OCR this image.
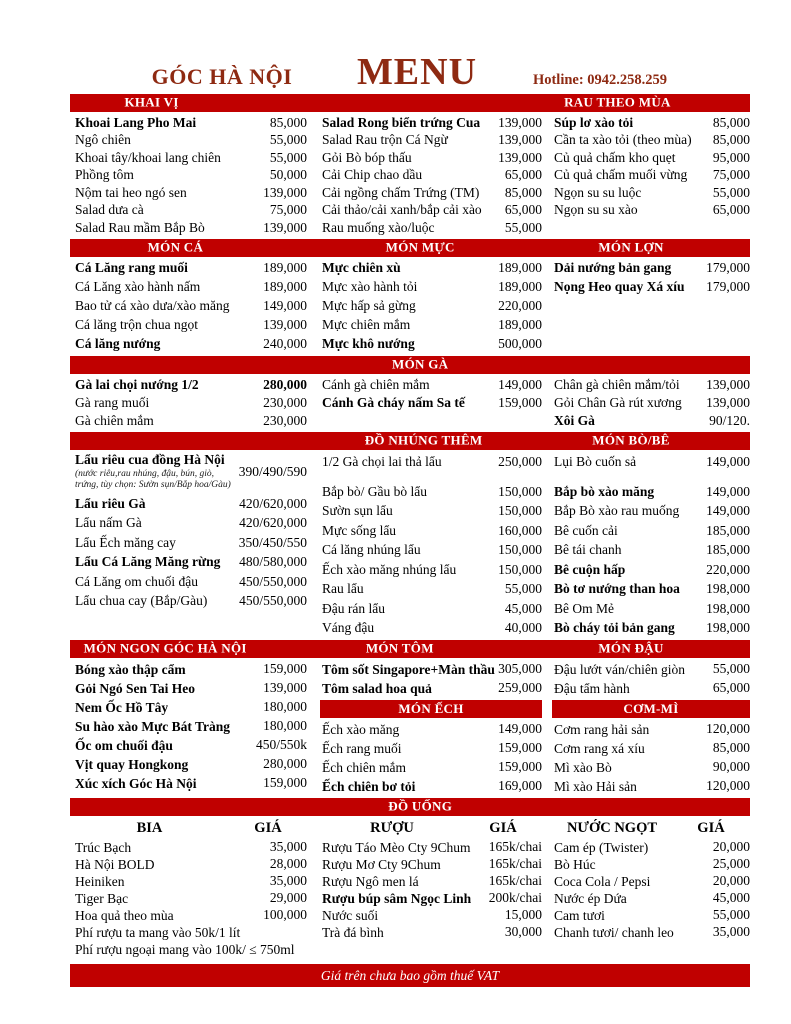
GÓC HÀ NỘI MENU	Hotline: 0942.258.259
KHAI VỊ	RAU THEO MÙA
Khoai Lang Pho Mai	85,000
Ngô chiên	55,000
Khoai tây/khoai lang chiên	55,000
Phồng tôm	50,000
Nộm tai heo ngó sen	139,000
Salad dưa cà	75,000
Salad Rau mầm Bắp Bò	139,000
Salad Rong biển trứng Cua	139,000
Salad Rau trộn Cá Ngừ	139,000
Gỏi Bò bóp thấu	139,000
Cải Chip chao dầu	65,000
Cải ngồng chấm Trứng (TM)	85,000
Cải thảo/cải xanh/bắp cải xào	65,000
Rau muống xào/luộc	55,000
Súp lơ xào tỏi	85,000
Cần ta xào tỏi (theo mùa)	85,000
Củ quả chấm kho quẹt	95,000
Củ quả chấm muối vừng	75,000
Ngọn su su luộc	55,000
Ngọn su su xào	65,000
MÓN CÁ	MÓN MỰC	MÓN LỢN
Cá Lăng rang muối	189,000
Cá Lăng xào hành nấm	189,000
Bao tử cá xào dưa/xào măng	149,000
Cá lăng trộn chua ngọt	139,000
Cá lăng nướng	240,000
Mực chiên xù	189,000
Mực xào hành tỏi	189,000
Mực hấp sả gừng	220,000
Mực chiên mắm	189,000
Mực khô nướng	500,000
Dải nướng bản gang	179,000
Nọng Heo quay Xá xíu	179,000
MÓN GÀ
Gà lai chọi nướng 1/2	280,000
Gà rang muối	230,000
Gà chiên mắm	230,000
Cánh gà chiên mắm	149,000
Cánh Gà cháy nấm Sa tế	159,000
Chân gà chiên mắm/tỏi	139,000
Gỏi Chân Gà rút xương	139,000
Xôi Gà	90/120.
ĐỒ NHÚNG THÊM	MÓN BÒ/BÊ
Lẩu riêu cua đồng Hà Nội
(nước riêu,rau nhúng, đậu, bún, giò, trứng, tùy chọn: Sườn sụn/Bắp hoa/Gàu)
390/490/590
Lẩu riêu Gà	420/620,000
Lẩu nấm Gà	420/620,000
Lẩu Ếch măng cay	350/450/550
Lẩu Cá Lăng Măng rừng	480/580,000
Cá Lăng om chuối đậu	450/550,000
Lẩu chua cay (Bắp/Gàu)	450/550,000
1/2 Gà chọi lai thả lẩu	250,000
Bắp bò/ Gầu bò lẩu	150,000
Sườn sụn lẩu	150,000
Mực sống lẩu	160,000
Cá lăng nhúng lẩu	150,000
Ếch xào măng nhúng lẩu	150,000
Rau lẩu	55,000
Đậu rán lẩu	45,000
Váng đậu	40,000
Lụi Bò cuốn sả	149,000
Bắp bò xào măng	149,000
Bắp Bò xào rau muống	149,000
Bê cuốn cải	185,000
Bê tái chanh	185,000
Bê cuộn hấp	220,000
Bò tơ nướng than hoa	198,000
Bê Om Mẻ	198,000
Bò cháy tỏi bản gang	198,000
MÓN NGON GÓC HÀ NỘI	MÓN TÔM	MÓN ĐẬU
Bóng xào thập cẩm	159,000
Gỏi Ngó Sen Tai Heo	139,000
Nem Ốc Hồ Tây	180,000
Su hào xào Mực Bát Tràng	180,000
Ốc om chuối đậu	450/550k
Vịt quay Hongkong	280,000
Xúc xích Góc Hà Nội	159,000
Tôm sốt Singapore+Màn thầu 305,000
Tôm salad hoa quả	259,000
MÓN ẾCH
Ếch xào măng	149,000
Ếch rang muối	159,000
Ếch chiên mắm	159,000
Ếch chiên bơ tỏi	169,000
Đậu lướt ván/chiên giòn	55,000
Đậu tẩm hành	65,000
CƠM-MÌ
Cơm rang hải sản	120,000
Cơm rang xá xíu	85,000
Mì xào Bò	90,000
Mì xào Hải sản	120,000
ĐỒ UỐNG
BIA	GIÁ
Trúc Bạch	35,000
Hà Nội BOLD	28,000
Heiniken	35,000
Tiger Bạc	29,000
Hoa quả theo mùa	100,000
Phí rượu ta mang vào 50k/1 lít
Phí rượu ngoại mang vào 100k/ ≤ 750ml
RƯỢU	GIÁ
Rượu Táo Mèo Cty 9Chum	165k/chai
Rượu Mơ Cty 9Chum	165k/chai
Rượu Ngô men lá	165k/chai
Rượu búp sâm Ngọc Linh	200k/chai
Nước suối	15,000
Trà đá bình	30,000
NƯỚC NGỌT	GIÁ
Cam ép (Twister)	20,000
Bò Húc	25,000
Coca Cola / Pepsi	20,000
Nước ép Dứa	45,000
Cam tươi	55,000
Chanh tươi/ chanh leo	35,000
Giá trên chưa bao gồm thuế VAT
